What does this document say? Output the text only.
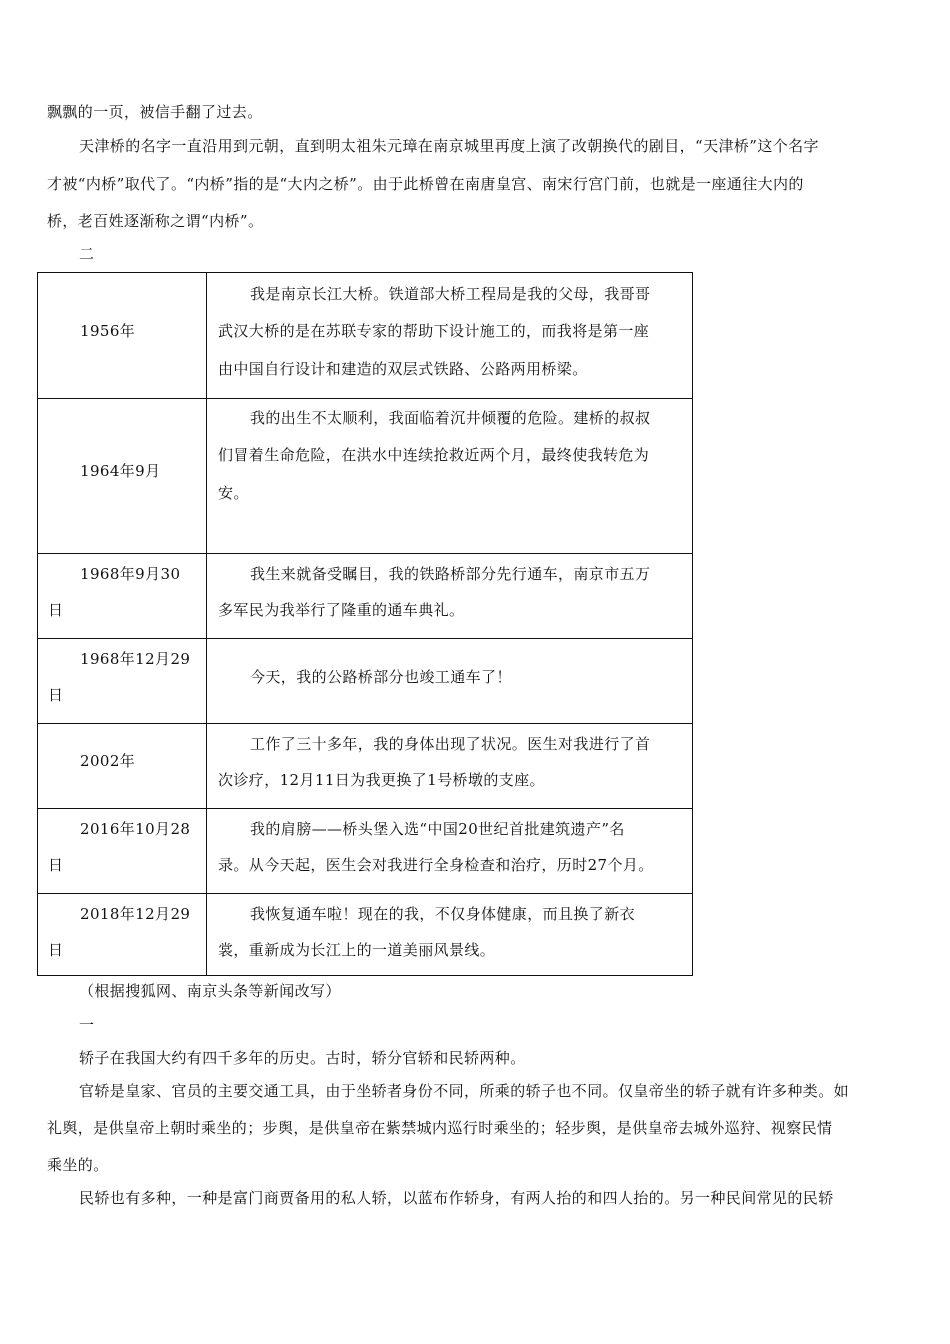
飘飘的一页，被信手翻了过去。
天津桥的名字一直沿用到元朝，直到明太祖朱元璋在南京城里再度上演了改朝换代的剧目，“天津桥”这个名字
才被“内桥”取代了。“内桥”指的是“大内之桥”。由于此桥曾在南唐皇宫、南宋行宫门前，也就是一座通往大内的
桥，老百姓逐渐称之谓“内桥”。
二
1956年
我是南京长江大桥。铁道部大桥工程局是我的父母，我哥哥
武汉大桥的是在苏联专家的帮助下设计施工的，而我将是第一座
由中国自行设计和建造的双层式铁路、公路两用桥梁。
1964年9月
我的出生不太顺利，我面临着沉井倾覆的危险。建桥的叔叔
们冒着生命危险，在洪水中连续抢救近两个月，最终使我转危为
安。
1968年9月30
日
我生来就备受瞩目，我的铁路桥部分先行通车，南京市五万
多军民为我举行了隆重的通车典礼。
1968年12月29
日
今天，我的公路桥部分也竣工通车了！
2002年
工作了三十多年，我的身体出现了状况。医生对我进行了首
次诊疗，12月11日为我更换了1号桥墩的支座。
2016年10月28
日
我的肩膀——桥头堡入选“中国20世纪首批建筑遗产”名
录。从今天起，医生会对我进行全身检查和治疗，历时27个月。
2018年12月29
日
我恢复通车啦！现在的我，不仅身体健康，而且换了新衣
裳，重新成为长江上的一道美丽风景线。
（根据搜狐网、南京头条等新闻改写）
一
轿子在我国大约有四千多年的历史。古时，轿分官轿和民轿两种。
官轿是皇家、官员的主要交通工具，由于坐轿者身份不同，所乘的轿子也不同。仅皇帝坐的轿子就有许多种类。如
礼舆，是供皇帝上朝时乘坐的；步舆，是供皇帝在紫禁城内巡行时乘坐的；轻步舆，是供皇帝去城外巡狩、视察民情
乘坐的。
民轿也有多种，一种是富门商贾备用的私人轿，以蓝布作轿身，有两人抬的和四人抬的。另一种民间常见的民轿
